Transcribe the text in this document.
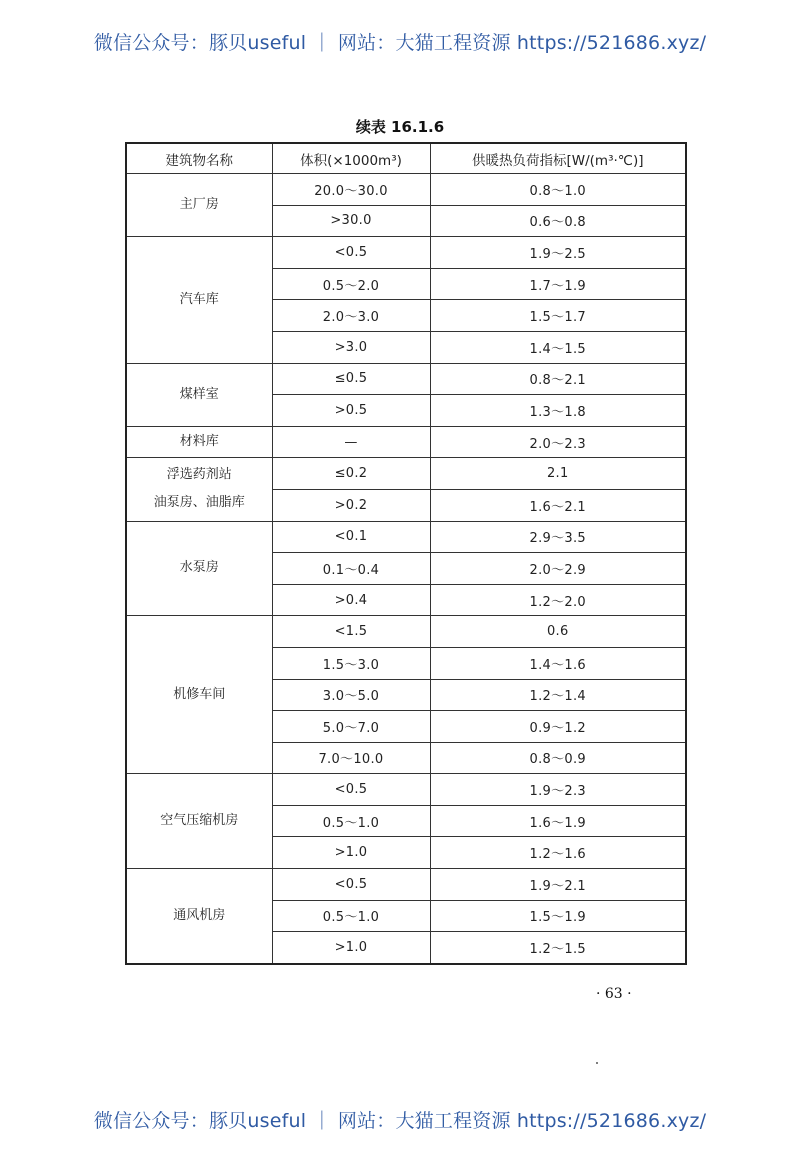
微信公众号：豚贝useful ｜ 网站：大猫工程资源 https://521686.xyz/
续表 16.1.6
建筑物名称	体积(×1000m³)	供暖热负荷指标[W/(m³·℃)]
主厂房	20.0～30.0	0.8～1.0
	>30.0	0.6～0.8
汽车库	<0.5	1.9～2.5
	0.5～2.0	1.7～1.9
	2.0～3.0	1.5～1.7
	>3.0	1.4～1.5
煤样室	≤0.5	0.8～2.1
	>0.5	1.3～1.8
材料库	—	2.0～2.3
浮选药剂站
油泵房、油脂库	≤0.2	2.1
	>0.2	1.6～2.1
水泵房	<0.1	2.9～3.5
	0.1～0.4	2.0～2.9
	>0.4	1.2～2.0
机修车间	<1.5	0.6
	1.5～3.0	1.4～1.6
	3.0～5.0	1.2～1.4
	5.0～7.0	0.9～1.2
	7.0～10.0	0.8～0.9
空气压缩机房	<0.5	1.9～2.3
	0.5～1.0	1.6～1.9
	>1.0	1.2～1.6
通风机房	<0.5	1.9～2.1
	0.5～1.0	1.5～1.9
	>1.0	1.2～1.5
· 63 ·
微信公众号：豚贝useful ｜ 网站：大猫工程资源 https://521686.xyz/
